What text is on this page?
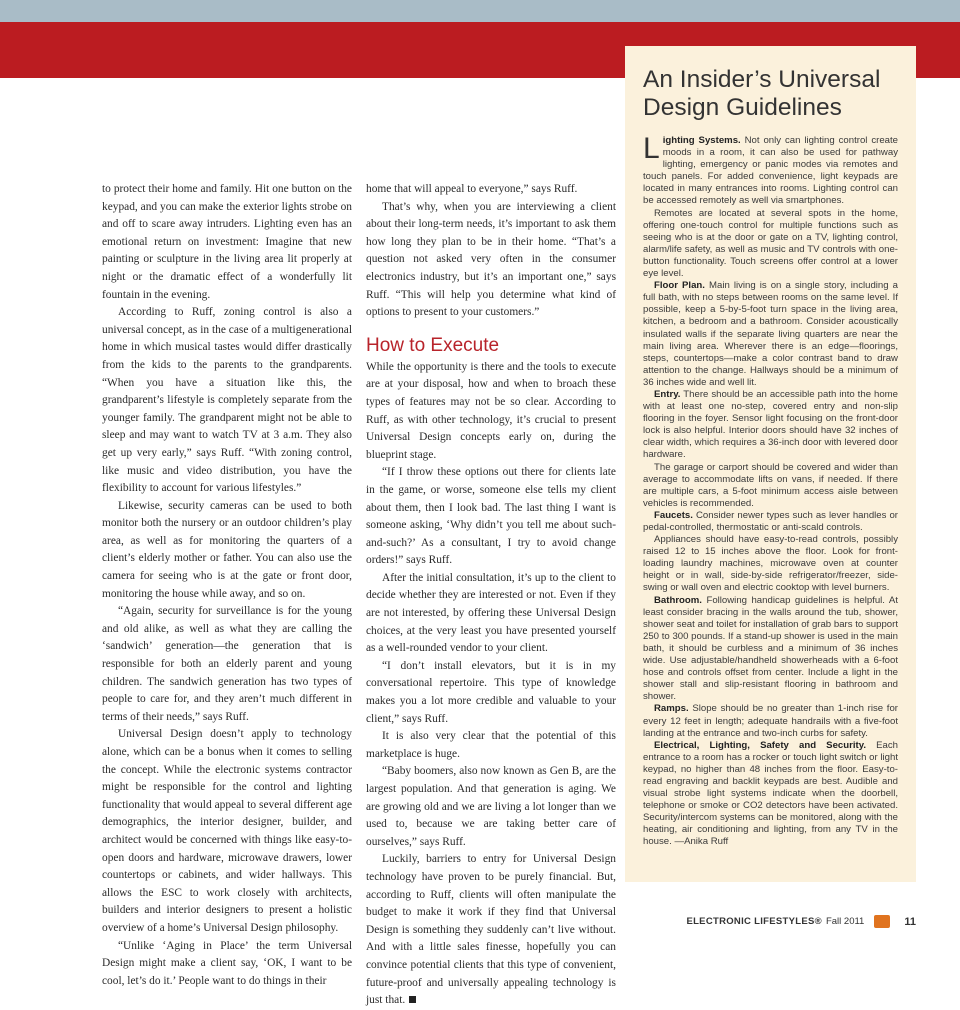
to protect their home and family. Hit one button on the keypad, and you can make the exterior lights strobe on and off to scare away intruders. Lighting even has an emotional return on investment: Imagine that new painting or sculpture in the living area lit properly at night or the dramatic effect of a wonderfully lit fountain in the evening.

According to Ruff, zoning control is also a universal concept, as in the case of a multigenerational home in which musical tastes would differ drastically from the kids to the parents to the grandparents. “When you have a situation like this, the grandparent’s lifestyle is completely separate from the younger family. The grandparent might not be able to sleep and may want to watch TV at 3 a.m. They also get up very early,” says Ruff. “With zoning control, like music and video distribution, you have the flexibility to account for various lifestyles.”

Likewise, security cameras can be used to both monitor both the nursery or an outdoor children’s play area, as well as for monitoring the quarters of a client’s elderly mother or father. You can also use the camera for seeing who is at the gate or front door, monitoring the house while away, and so on.

“Again, security for surveillance is for the young and old alike, as well as what they are calling the ‘sandwich’ generation—the generation that is responsible for both an elderly parent and young children. The sandwich generation has two types of people to care for, and they aren’t much different in terms of their needs,” says Ruff.

Universal Design doesn’t apply to technology alone, which can be a bonus when it comes to selling the concept. While the electronic systems contractor might be responsible for the control and lighting functionality that would appeal to several different age demographics, the interior designer, builder, and architect would be concerned with things like easy-to-open doors and hardware, microwave drawers, lower countertops or cabinets, and wider hallways. This allows the ESC to work closely with architects, builders and interior designers to present a holistic overview of a home’s Universal Design philosophy.

“Unlike ‘Aging in Place’ the term Universal Design might make a client say, ‘OK, I want to be cool, let’s do it.’ People want to do things in their

home that will appeal to everyone,” says Ruff.

That’s why, when you are interviewing a client about their long-term needs, it’s important to ask them how long they plan to be in their home. “That’s a question not asked very often in the consumer electronics industry, but it’s an important one,” says Ruff. “This will help you determine what kind of options to present to your customers.”

How to Execute

While the opportunity is there and the tools to execute are at your disposal, how and when to broach these types of features may not be so clear. According to Ruff, as with other technology, it’s crucial to present Universal Design concepts early on, during the blueprint stage.

“If I throw these options out there for clients late in the game, or worse, someone else tells my client about them, then I look bad. The last thing I want is someone asking, ‘Why didn’t you tell me about such-and-such?’ As a consultant, I try to avoid change orders!” says Ruff.

After the initial consultation, it’s up to the client to decide whether they are interested or not. Even if they are not interested, by offering these Universal Design choices, at the very least you have presented yourself as a well-rounded vendor to your client.

“I don’t install elevators, but it is in my conversational repertoire. This type of knowledge makes you a lot more credible and valuable to your client,” says Ruff.

It is also very clear that the potential of this marketplace is huge.

“Baby boomers, also now known as Gen B, are the largest population. And that generation is aging. We are growing old and we are living a lot longer than we used to, because we are taking better care of ourselves,” says Ruff.

Luckily, barriers to entry for Universal Design technology have proven to be purely financial. But, according to Ruff, clients will often manipulate the budget to make it work if they find that Universal Design is something they suddenly can’t live without. And with a little sales finesse, hopefully you can convince potential clients that this type of convenient, future-proof and universally appealing technology is just that.

An Insider’s Universal Design Guidelines

Lighting Systems. Not only can lighting control create moods in a room, it can also be used for pathway lighting, emergency or panic modes via remotes and touch panels. For added convenience, light keypads are located in many entrances into rooms. Lighting control can be accessed remotely as well via smartphones.

Remotes are located at several spots in the home, offering one-touch control for multiple functions such as seeing who is at the door or gate on a TV, lighting control, alarm/life safety, as well as music and TV controls with one-button functionality. Touch screens offer control at a lower eye level.

Floor Plan. Main living is on a single story, including a full bath, with no steps between rooms on the same level. If possible, keep a 5-by-5-foot turn space in the living area, kitchen, a bedroom and a bathroom. Consider acoustically insulated walls if the separate living quarters are near the main living area. Wherever there is an edge—floorings, steps, countertops—make a color contrast band to draw attention to the change. Hallways should be a minimum of 36 inches wide and well lit.

Entry. There should be an accessible path into the home with at least one no-step, covered entry and non-slip flooring in the foyer. Sensor light focusing on the front-door lock is also helpful. Interior doors should have 32 inches of clear width, which requires a 36-inch door with levered door hardware.

The garage or carport should be covered and wider than average to accommodate lifts on vans, if needed. If there are multiple cars, a 5-foot minimum access aisle between vehicles is recommended.

Faucets. Consider newer types such as lever handles or pedal-controlled, thermostatic or anti-scald controls.

Appliances should have easy-to-read controls, possibly raised 12 to 15 inches above the floor. Look for front-loading laundry machines, microwave oven at counter height or in wall, side-by-side refrigerator/freezer, side-swing or wall oven and electric cooktop with level burners.

Bathroom. Following handicap guidelines is helpful. At least consider bracing in the walls around the tub, shower, shower seat and toilet for installation of grab bars to support 250 to 300 pounds. If a stand-up shower is used in the main bath, it should be curbless and a minimum of 36 inches wide. Use adjustable/handheld showerheads with a 6-foot hose and controls offset from center. Include a light in the shower stall and slip-resistant flooring in bathroom and shower.

Ramps. Slope should be no greater than 1-inch rise for every 12 feet in length; adequate handrails with a five-foot landing at the entrance and two-inch curbs for safety.

Electrical, Lighting, Safety and Security. Each entrance to a room has a rocker or touch light switch or light keypad, no higher than 48 inches from the floor. Easy-to-read engraving and backlit keypads are best. Audible and visual strobe light systems indicate when the doorbell, telephone or smoke or CO2 detectors have been activated. Security/intercom systems can be monitored, along with the heating, air conditioning and lighting, from any TV in the house. —Anika Ruff

ELECTRONIC LIFESTYLES® Fall 2011	11
